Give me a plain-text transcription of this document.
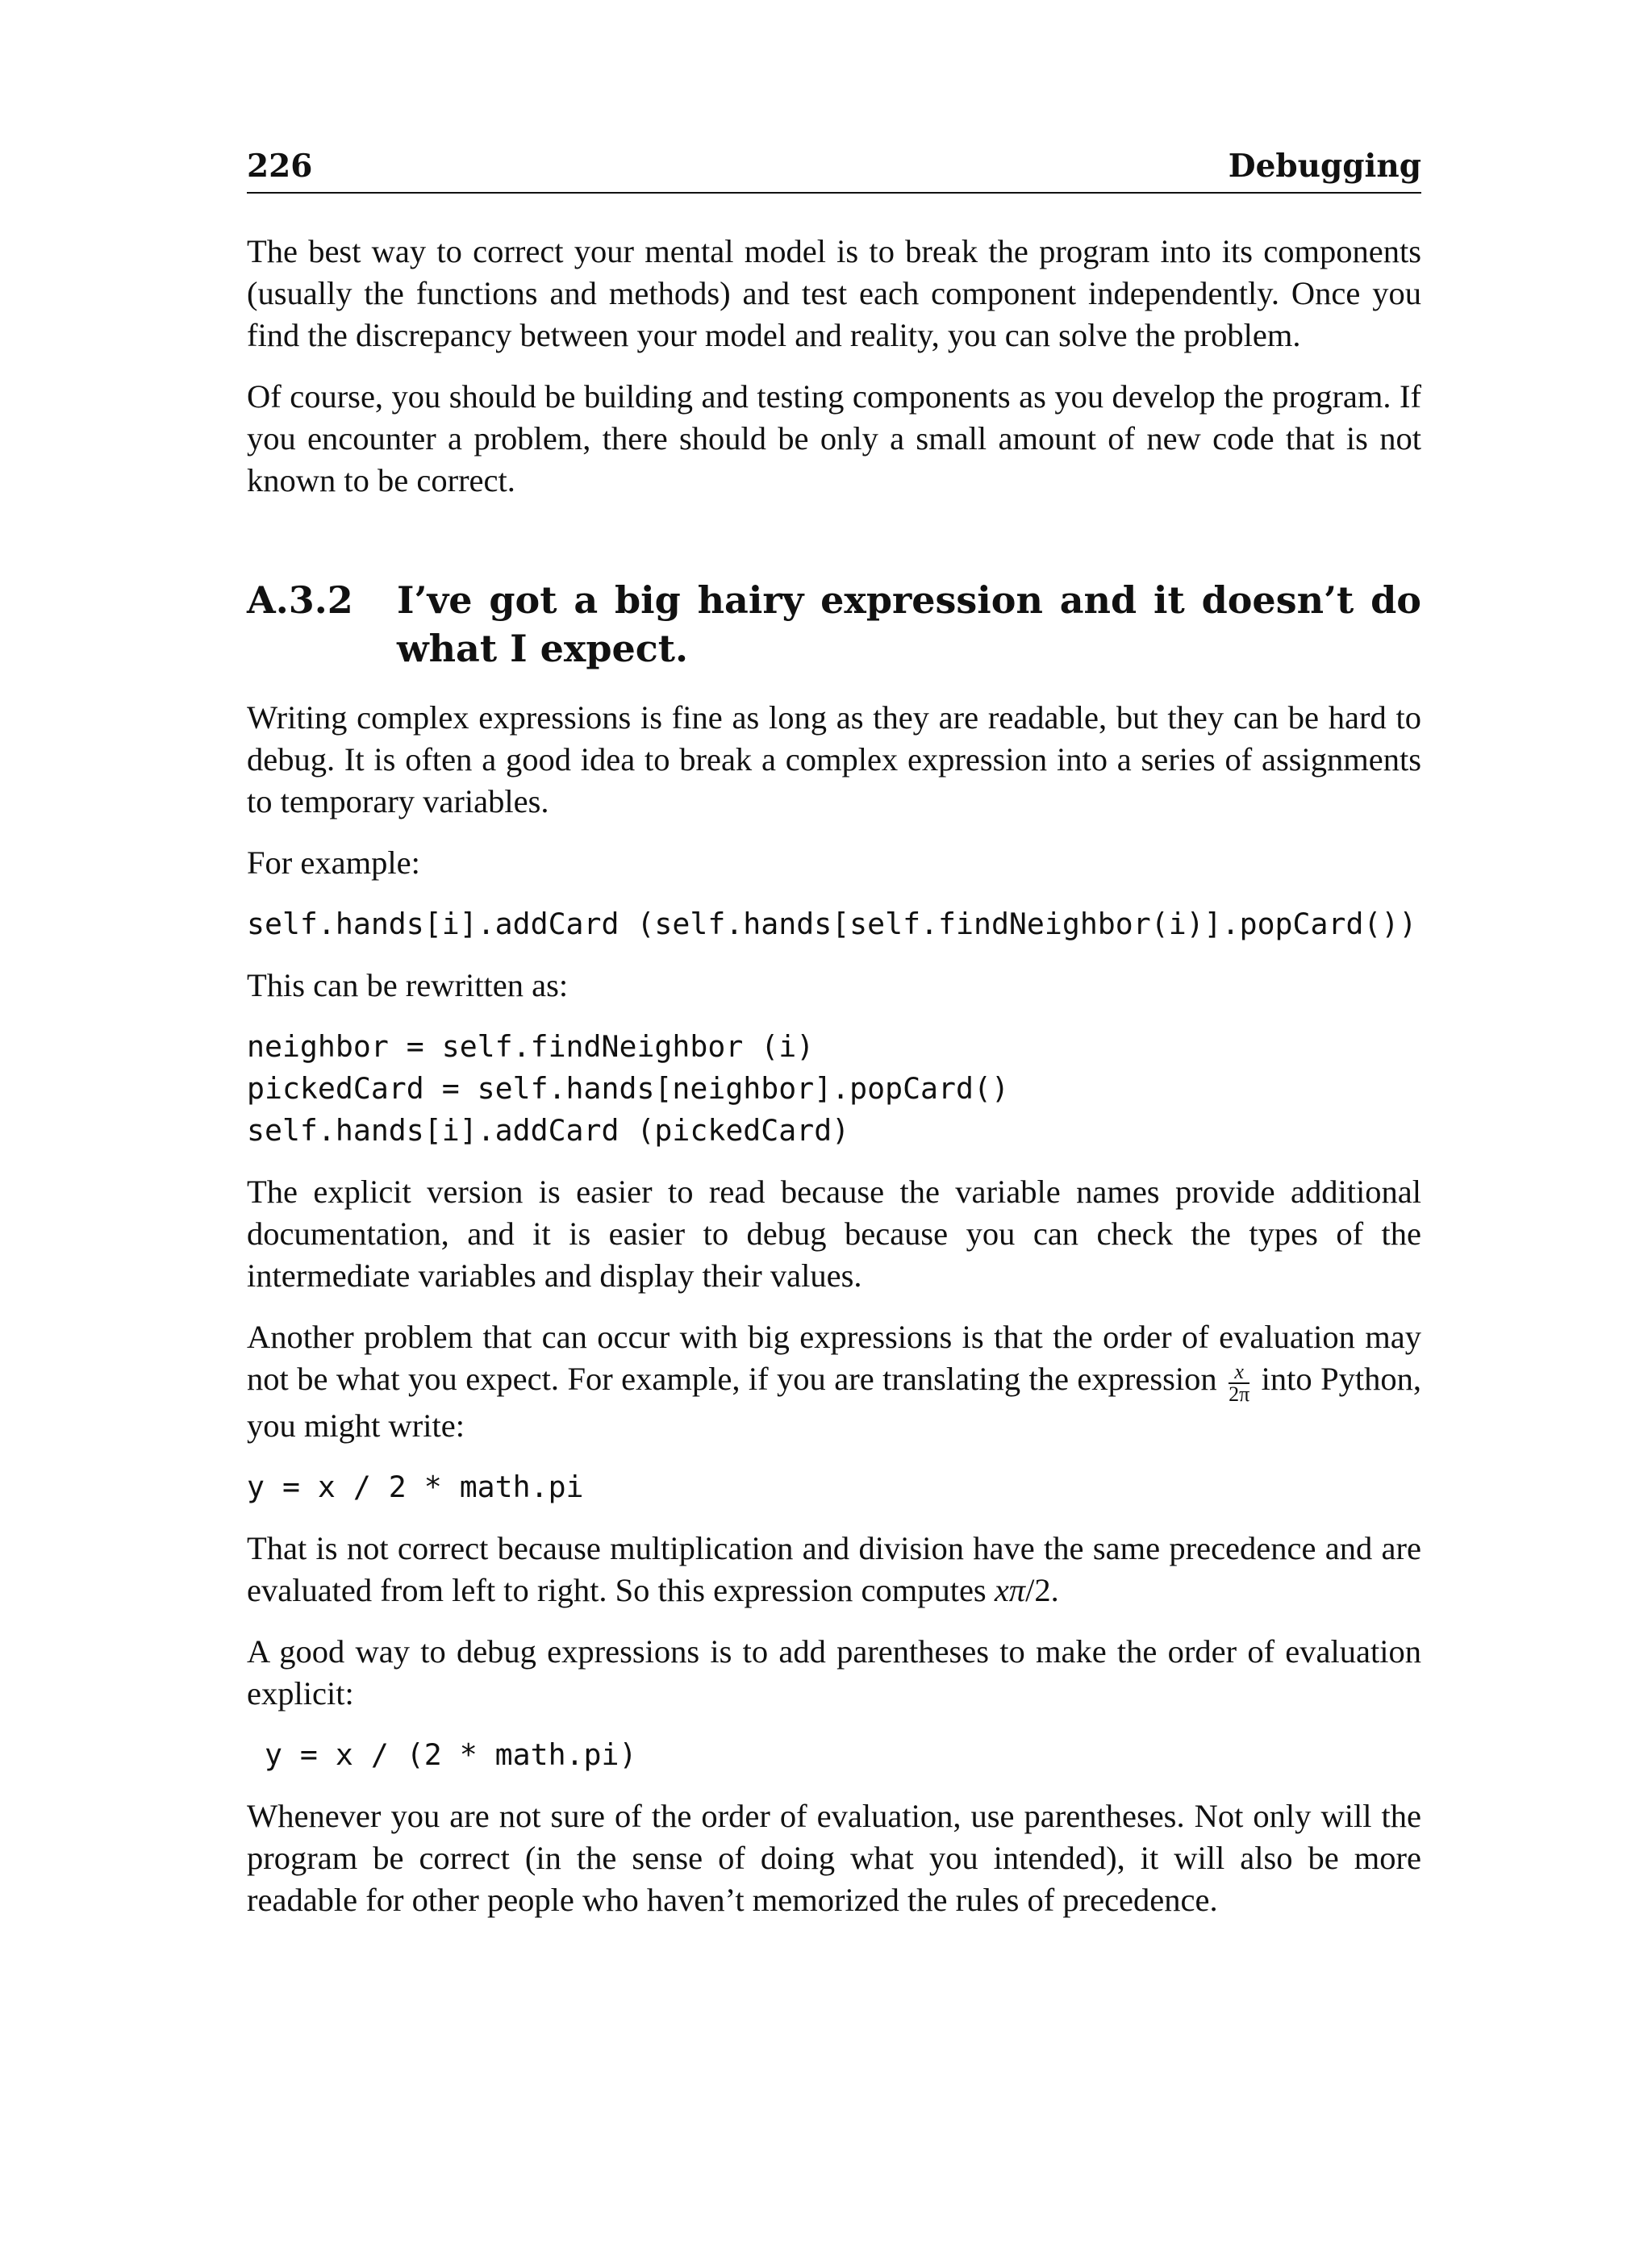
226	Debugging

The best way to correct your mental model is to break the program into its components (usually the functions and methods) and test each component independently. Once you find the discrepancy between your model and reality, you can solve the problem.

Of course, you should be building and testing components as you develop the program. If you encounter a problem, there should be only a small amount of new code that is not known to be correct.

A.3.2	I’ve got a big hairy expression and it doesn’t do what I expect.

Writing complex expressions is fine as long as they are readable, but they can be hard to debug. It is often a good idea to break a complex expression into a series of assignments to temporary variables.

For example:

self.hands[i].addCard (self.hands[self.findNeighbor(i)].popCard())

This can be rewritten as:

neighbor = self.findNeighbor (i)
pickedCard = self.hands[neighbor].popCard()
self.hands[i].addCard (pickedCard)

The explicit version is easier to read because the variable names provide additional documentation, and it is easier to debug because you can check the types of the intermediate variables and display their values.

Another problem that can occur with big expressions is that the order of evaluation may not be what you expect. For example, if you are translating the expression $\frac{x}{2\pi}$ into Python, you might write:

y = x / 2 * math.pi

That is not correct because multiplication and division have the same precedence and are evaluated from left to right. So this expression computes xπ/2.

A good way to debug expressions is to add parentheses to make the order of evaluation explicit:

y = x / (2 * math.pi)

Whenever you are not sure of the order of evaluation, use parentheses. Not only will the program be correct (in the sense of doing what you intended), it will also be more readable for other people who haven’t memorized the rules of precedence.
